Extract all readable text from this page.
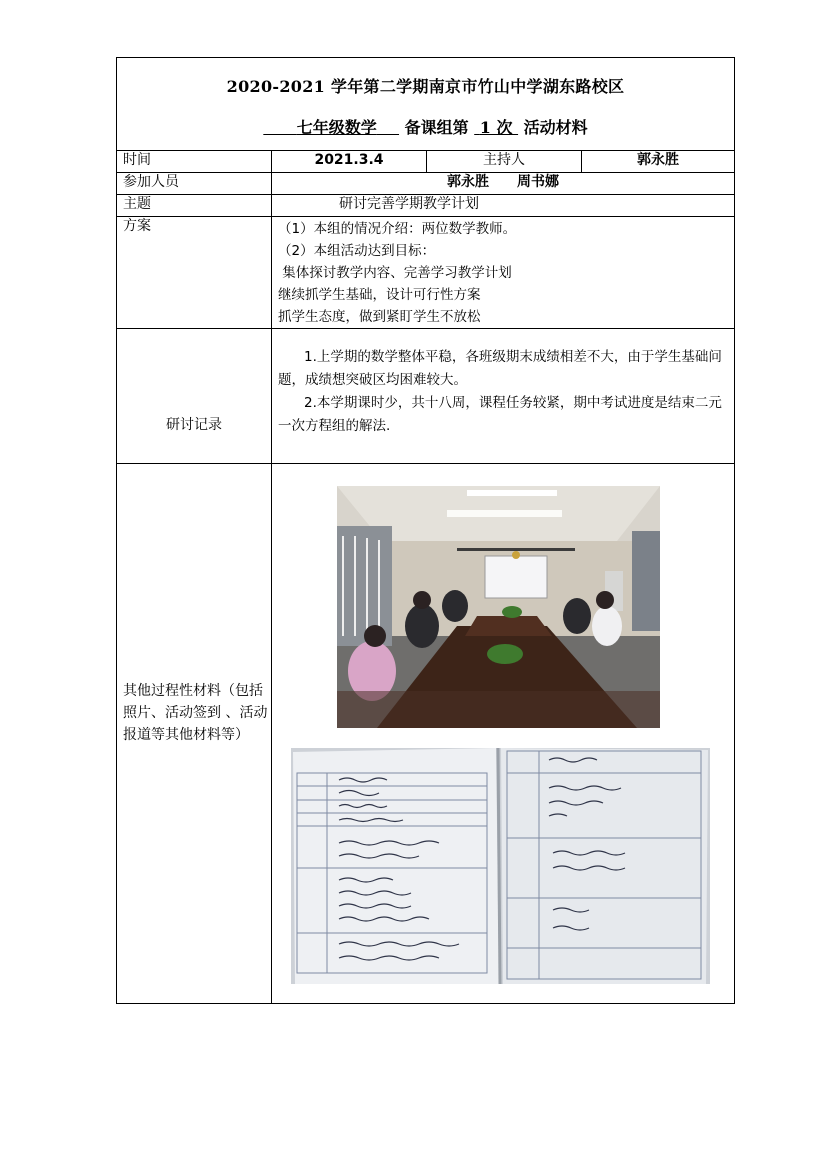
2020-2021 学年第二学期南京市竹山中学湖东路校区
七年级数学 备课组第 1 次 活动材料			

时间	2021.3.4	主持人	郭永胜
参加人员	郭永胜　　周书娜		
主题	研讨完善学期教学计划		
方案	（1）本组的情况介绍：两位数学教师。
（2）本组活动达到目标：
集体探讨教学内容、完善学习教学计划
继续抓学生基础，设计可行性方案
抓学生态度，做到紧盯学生不放松		

研讨记录	1.上学期的数学整体平稳，各班级期末成绩相差不大，由于学生基础问题，成绩想突破区均困难较大。

2.本学期课时少，共十八周，课程任务较紧，期中考试进度是结束二元一次方程组的解法.		

其他过程性材料（包括照片、活动签到 、活动报道等其他材料等）			
